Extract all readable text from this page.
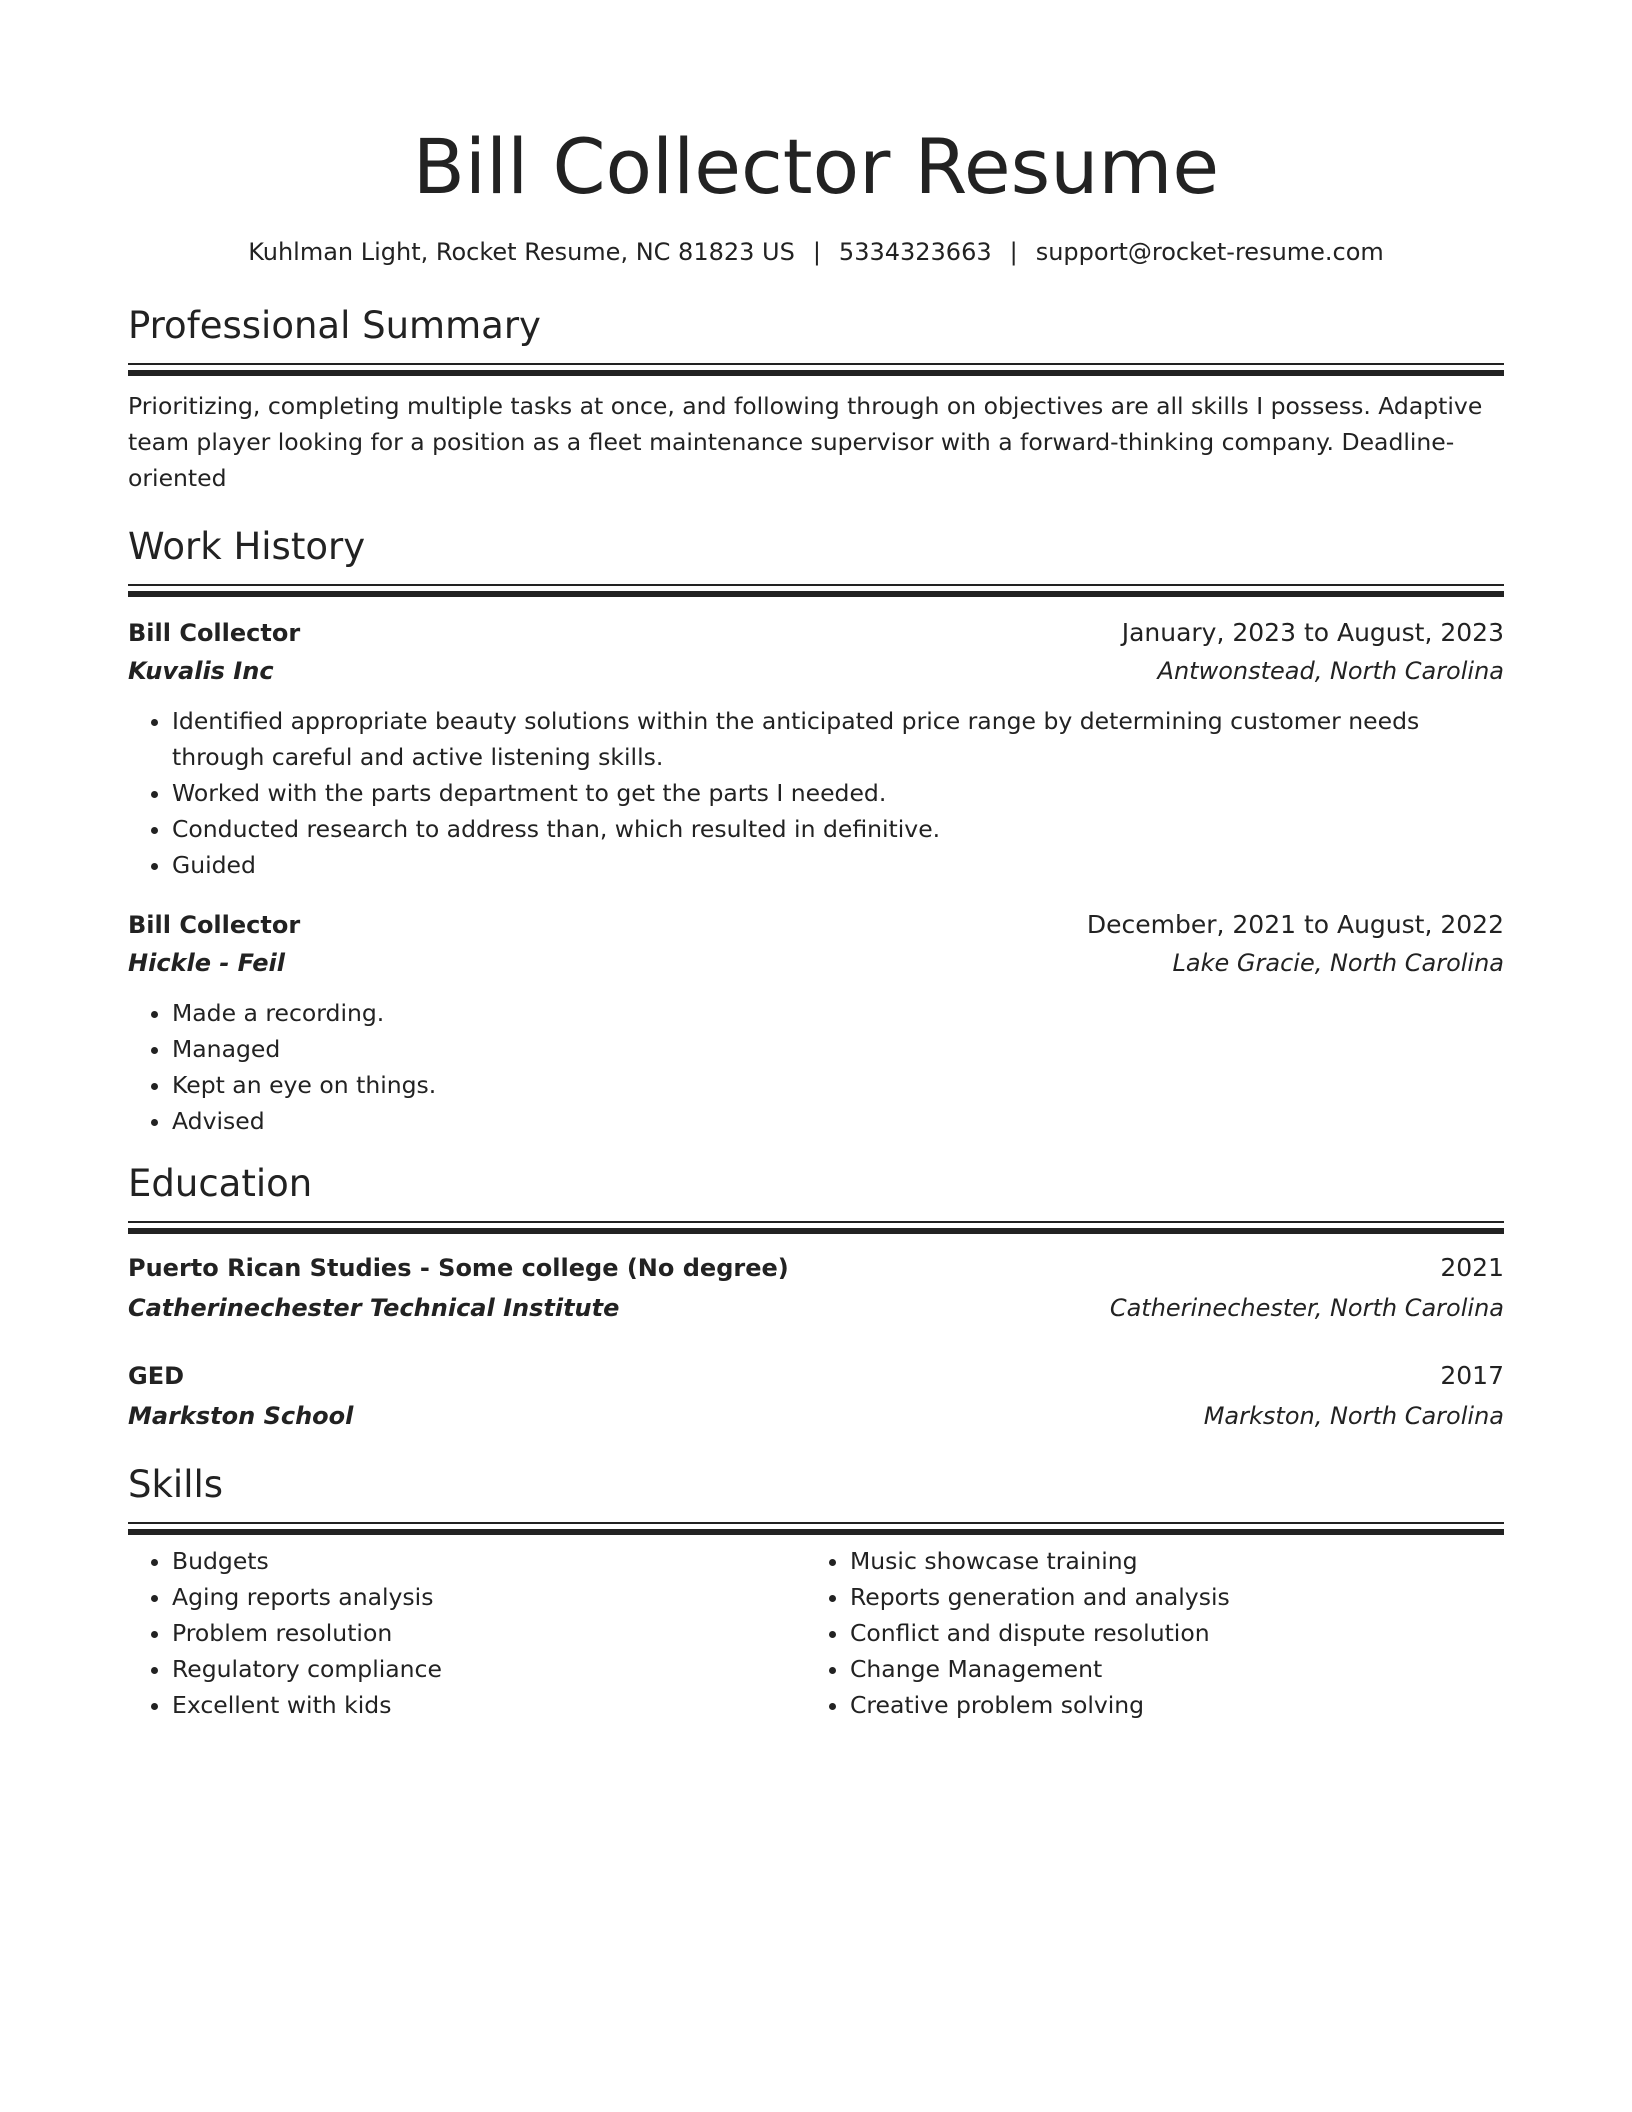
Bill Collector Resume
Kuhlman Light, Rocket Resume, NC 81823 US | 5334323663 | support@rocket-resume.com
Professional Summary
Prioritizing, completing multiple tasks at once, and following through on objectives are all skills I possess. Adaptive team player looking for a position as a fleet maintenance supervisor with a forward-thinking company. Deadline-oriented
Work History
Bill Collector	January, 2023 to August, 2023
Kuvalis Inc	Antwonstead, North Carolina
• Identified appropriate beauty solutions within the anticipated price range by determining customer needs through careful and active listening skills.
• Worked with the parts department to get the parts I needed.
• Conducted research to address than, which resulted in definitive.
• Guided
Bill Collector	December, 2021 to August, 2022
Hickle - Feil	Lake Gracie, North Carolina
• Made a recording.
• Managed
• Kept an eye on things.
• Advised
Education
Puerto Rican Studies - Some college (No degree)	2021
Catherinechester Technical Institute	Catherinechester, North Carolina
GED	2017
Markston School	Markston, North Carolina
Skills
• Budgets
• Aging reports analysis
• Problem resolution
• Regulatory compliance
• Excellent with kids
• Music showcase training
• Reports generation and analysis
• Conflict and dispute resolution
• Change Management
• Creative problem solving
